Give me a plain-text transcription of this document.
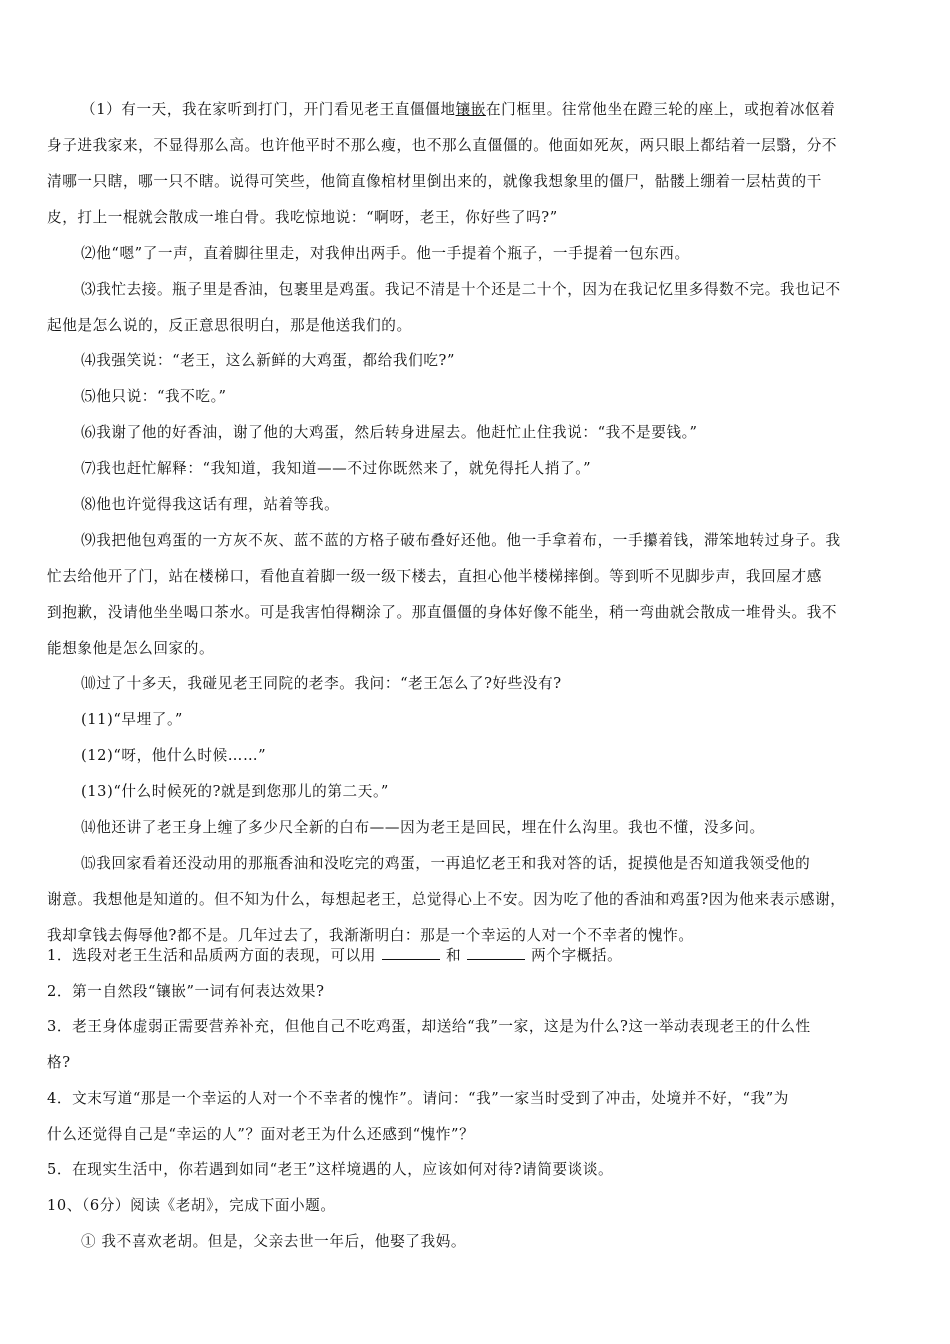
（1）有一天，我在家听到打门，开门看见老王直僵僵地镶嵌在门框里。往常他坐在蹬三轮的座上，或抱着冰伛着

身子进我家来，不显得那么高。也许他平时不那么瘦，也不那么直僵僵的。他面如死灰，两只眼上都结着一层翳，分不
清哪一只瞎，哪一只不瞎。说得可笑些，他简直像棺材里倒出来的，就像我想象里的僵尸，骷髅上绷着一层枯黄的干
皮，打上一棍就会散成一堆白骨。我吃惊地说：“啊呀，老王，你好些了吗?”

⑵他“嗯”了一声，直着脚往里走，对我伸出两手。他一手提着个瓶子，一手提着一包东西。

⑶我忙去接。瓶子里是香油，包裹里是鸡蛋。我记不清是十个还是二十个，因为在我记忆里多得数不完。我也记不

起他是怎么说的，反正意思很明白，那是他送我们的。

⑷我强笑说：“老王，这么新鲜的大鸡蛋，都给我们吃?”

⑸他只说：“我不吃。”

⑹我谢了他的好香油，谢了他的大鸡蛋，然后转身进屋去。他赶忙止住我说：“我不是要钱。”

⑺我也赶忙解释：“我知道，我知道——不过你既然来了，就免得托人捎了。”

⑻他也许觉得我这话有理，站着等我。

⑼我把他包鸡蛋的一方灰不灰、蓝不蓝的方格子破布叠好还他。他一手拿着布，一手攥着钱，滞笨地转过身子。我

忙去给他开了门，站在楼梯口，看他直着脚一级一级下楼去，直担心他半楼梯摔倒。等到听不见脚步声，我回屋才感
到抱歉，没请他坐坐喝口茶水。可是我害怕得糊涂了。那直僵僵的身体好像不能坐，稍一弯曲就会散成一堆骨头。我不
能想象他是怎么回家的。

⑽过了十多天，我碰见老王同院的老李。我问：“老王怎么了?好些没有?

(11)“早埋了。”

(12)“呀，他什么时候……”

(13)“什么时候死的?就是到您那儿的第二天。”

⒁他还讲了老王身上缠了多少尺全新的白布——因为老王是回民，埋在什么沟里。我也不懂，没多问。

⒂我回家看着还没动用的那瓶香油和没吃完的鸡蛋，一再追忆老王和我对答的话，捉摸他是否知道我领受他的

谢意。我想他是知道的。但不知为什么，每想起老王，总觉得心上不安。因为吃了他的香油和鸡蛋?因为他来表示感谢，
我却拿钱去侮辱他?都不是。几年过去了，我渐渐明白：那是一个幸运的人对一个不幸者的愧怍。

1．选段对老王生活和品质两方面的表现，可以用	和	两个字概括。

2．第一自然段“镶嵌”一词有何表达效果?

3．老王身体虚弱正需要营养补充，但他自己不吃鸡蛋，却送给“我”一家，这是为什么?这一举动表现老王的什么性
格?

4．文末写道“那是一个幸运的人对一个不幸者的愧怍”。请问：“我”一家当时受到了冲击，处境并不好，“我”为
什么还觉得自己是“幸运的人”？面对老王为什么还感到“愧怍”？

5．在现实生活中，你若遇到如同“老王”这样境遇的人，应该如何对待?请简要谈谈。

10、（6分）阅读《老胡》，完成下面小题。

① 我不喜欢老胡。但是，父亲去世一年后，他娶了我妈。
